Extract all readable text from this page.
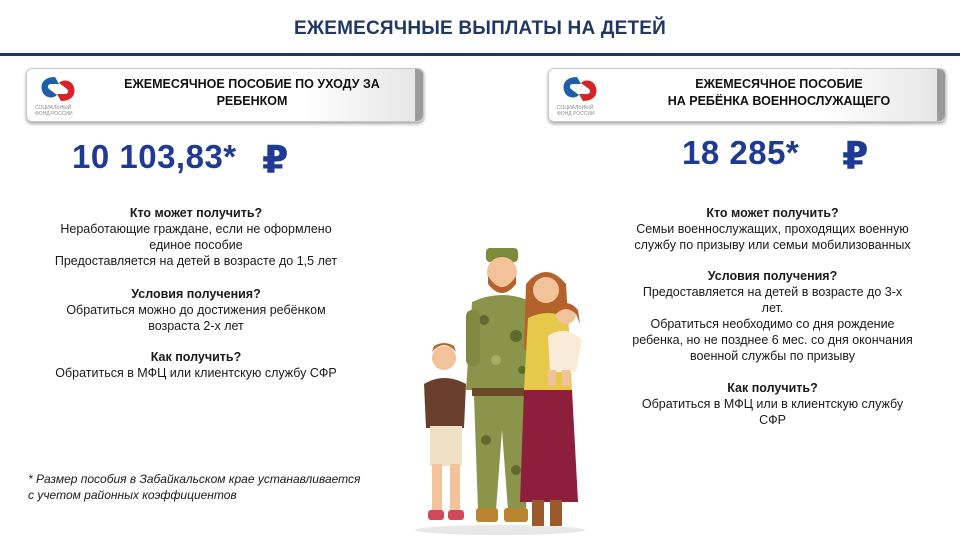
ЕЖЕМЕСЯЧНЫЕ ВЫПЛАТЫ НА ДЕТЕЙ
СОЦИАЛЬНЫЙ
ФОНД РОССИИ
ЕЖЕМЕСЯЧНОЕ ПОСОБИЕ ПО УХОДУ ЗА
РЕБЕНКОМ	СОЦИАЛЬНЫЙ
ФОНД РОССИИ
ЕЖЕМЕСЯЧНОЕ ПОСОБИЕ
НА РЕБЁНКА ВОЕННОСЛУЖАЩЕГО
10 103,83* ₽	18 285* ₽
Кто может получить?
Неработающие граждане, если не оформлено
единое пособие
Предоставляется на детей в возрасте до 1,5 лет
Условия получения?
Обратиться можно до достижения ребёнком
возраста 2-х лет
Как получить?
Обратиться в МФЦ или клиентскую службу СФР
* Размер пособия в Забайкальском крае устанавливается
с учетом районных коэффициентов
Кто может получить?
Семьи военнослужащих, проходящих военную
службу по призыву или семьи мобилизованных
Условия получения?
Предоставляется на детей в возрасте до 3-х
лет.
Обратиться необходимо со дня рождение
ребенка, но не позднее 6 мес. со дня окончания
военной службы по призыву
Как получить?
Обратиться в МФЦ или в клиентскую службу
СФР
